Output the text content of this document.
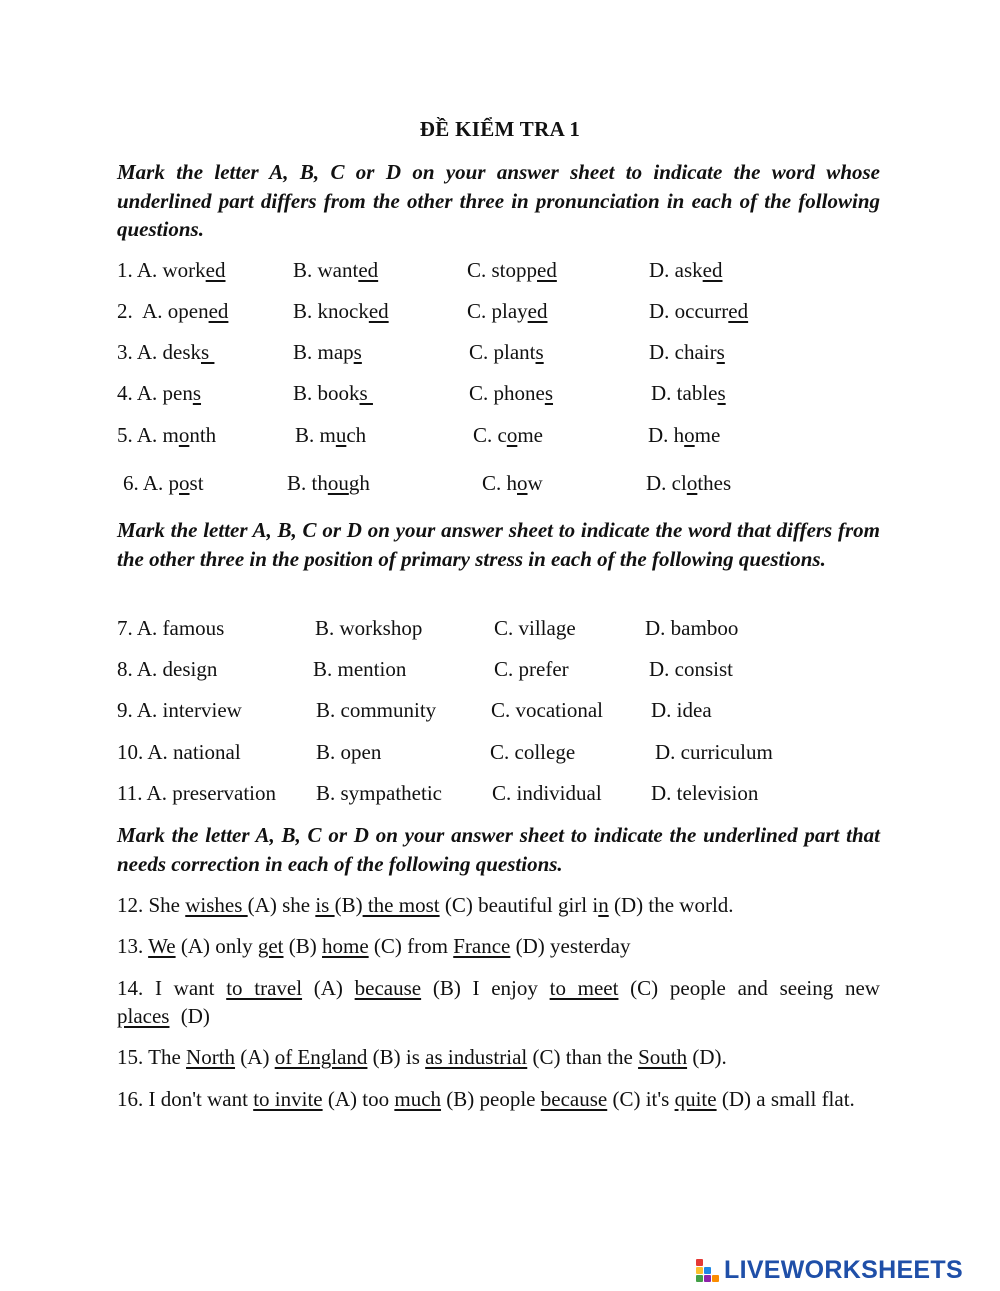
ĐỀ KIỂM TRA 1
Mark the letter A, B, C or D on your answer sheet to indicate the word whose underlined part differs from the other three in pronunciation in each of the following questions.
1. A. worked	B. wanted	C. stopped	D. asked
2.  A. opened	B. knocked	C. played	D. occurred
3. A. desks	B. maps	C. plants	D. chairs
4. A. pens	B. books	C. phones	D. tables
5. A. month	B. much	C. come	D. home
6. A. post	B. though	C. how	D. clothes
Mark the letter A, B, C or D on your answer sheet to indicate the word that differs from the other three in the position of primary stress in each of the following questions.
7. A. famous	B. workshop	C. village	D. bamboo
8. A. design	B. mention	C. prefer	D. consist
9. A. interview	B. community	C. vocational D. idea
10. A. national	B. open	C. college	D. curriculum
11. A. preservation B. sympathetic C. individual D. television
Mark the letter A, B, C or D on your answer sheet to indicate the underlined part that needs correction in each of the following questions.
12. She wishes (A) she is (B) the most (C) beautiful girl in (D) the world.
13. We (A) only get (B) home (C) from France (D) yesterday
14. I want to travel (A) because (B) I enjoy to meet (C) people and seeing new places (D)
15. The North (A) of England (B) is as industrial (C) than the South (D).
16. I don't want to invite (A) too much (B) people because (C) it's quite (D) a small flat.
LIVEWORKSHEETS
